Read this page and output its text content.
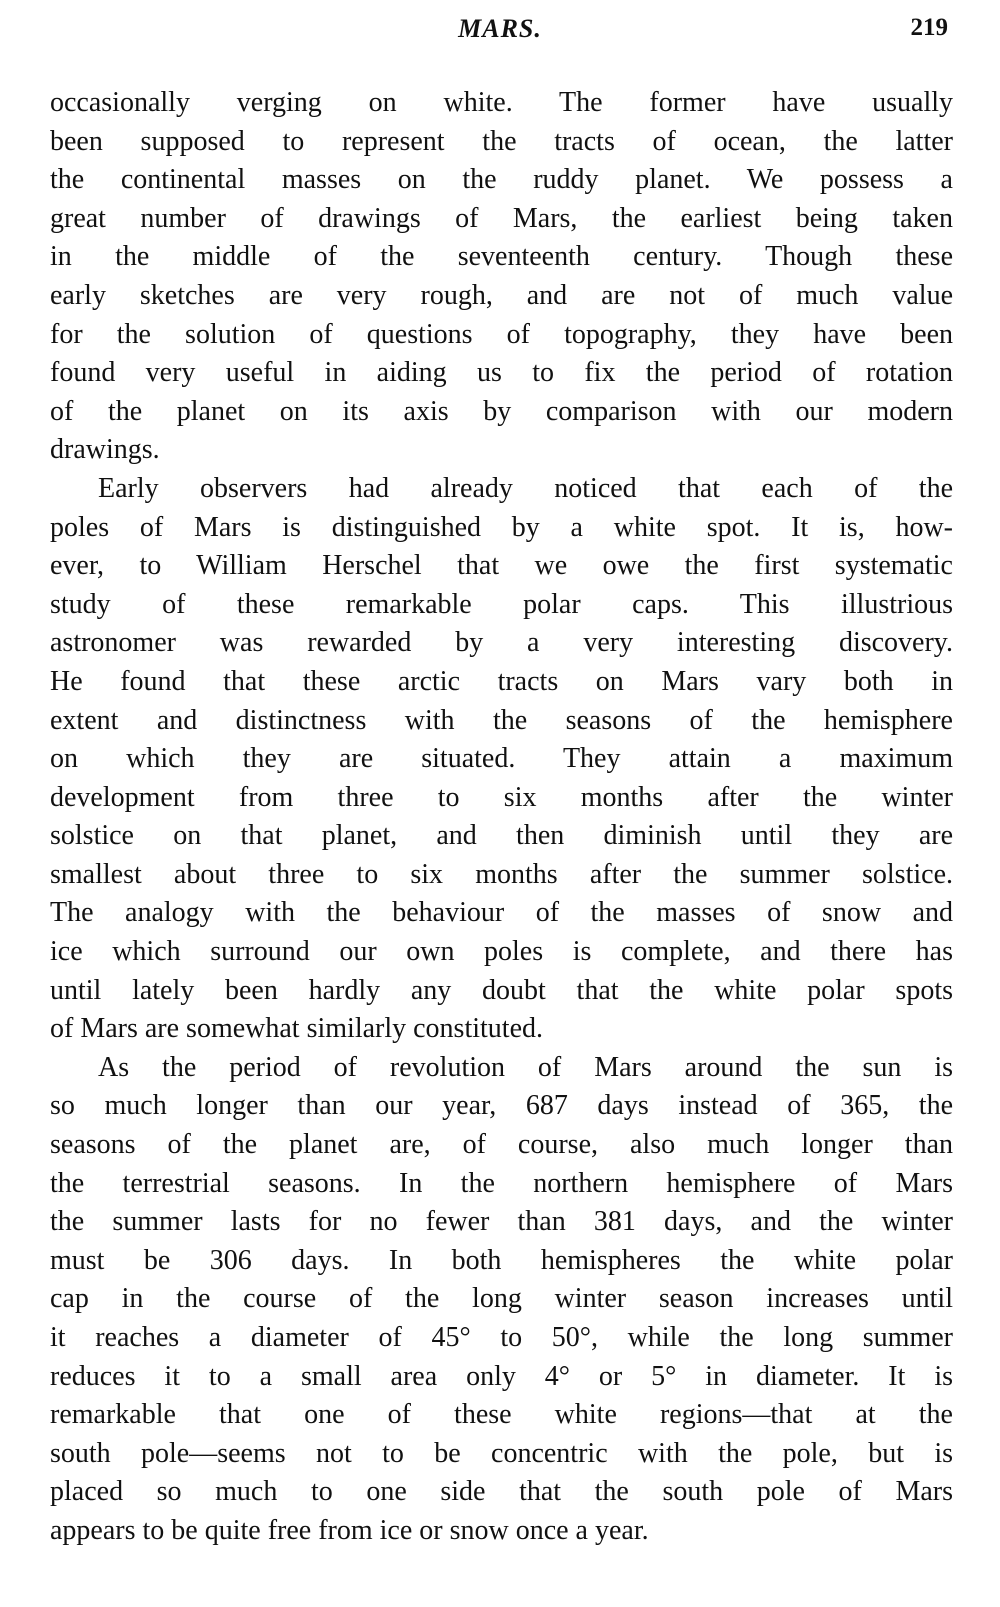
MARS.	219
occasionally verging on white. The former have usually
been supposed to represent the tracts of ocean, the latter
the continental masses on the ruddy planet. We possess a
great number of drawings of Mars, the earliest being taken
in the middle of the seventeenth century. Though these
early sketches are very rough, and are not of much value
for the solution of questions of topography, they have been
found very useful in aiding us to fix the period of rotation
of the planet on its axis by comparison with our modern
drawings.
Early observers had already noticed that each of the
poles of Mars is distinguished by a white spot. It is, how-
ever, to William Herschel that we owe the first systematic
study of these remarkable polar caps. This illustrious
astronomer was rewarded by a very interesting discovery.
He found that these arctic tracts on Mars vary both in
extent and distinctness with the seasons of the hemisphere
on which they are situated. They attain a maximum
development from three to six months after the winter
solstice on that planet, and then diminish until they are
smallest about three to six months after the summer solstice.
The analogy with the behaviour of the masses of snow and
ice which surround our own poles is complete, and there has
until lately been hardly any doubt that the white polar spots
of Mars are somewhat similarly constituted.
As the period of revolution of Mars around the sun is
so much longer than our year, 687 days instead of 365, the
seasons of the planet are, of course, also much longer than
the terrestrial seasons. In the northern hemisphere of Mars
the summer lasts for no fewer than 381 days, and the winter
must be 306 days. In both hemispheres the white polar
cap in the course of the long winter season increases until
it reaches a diameter of 45° to 50°, while the long summer
reduces it to a small area only 4° or 5° in diameter. It is
remarkable that one of these white regions—that at the
south pole—seems not to be concentric with the pole, but is
placed so much to one side that the south pole of Mars
appears to be quite free from ice or snow once a year.
